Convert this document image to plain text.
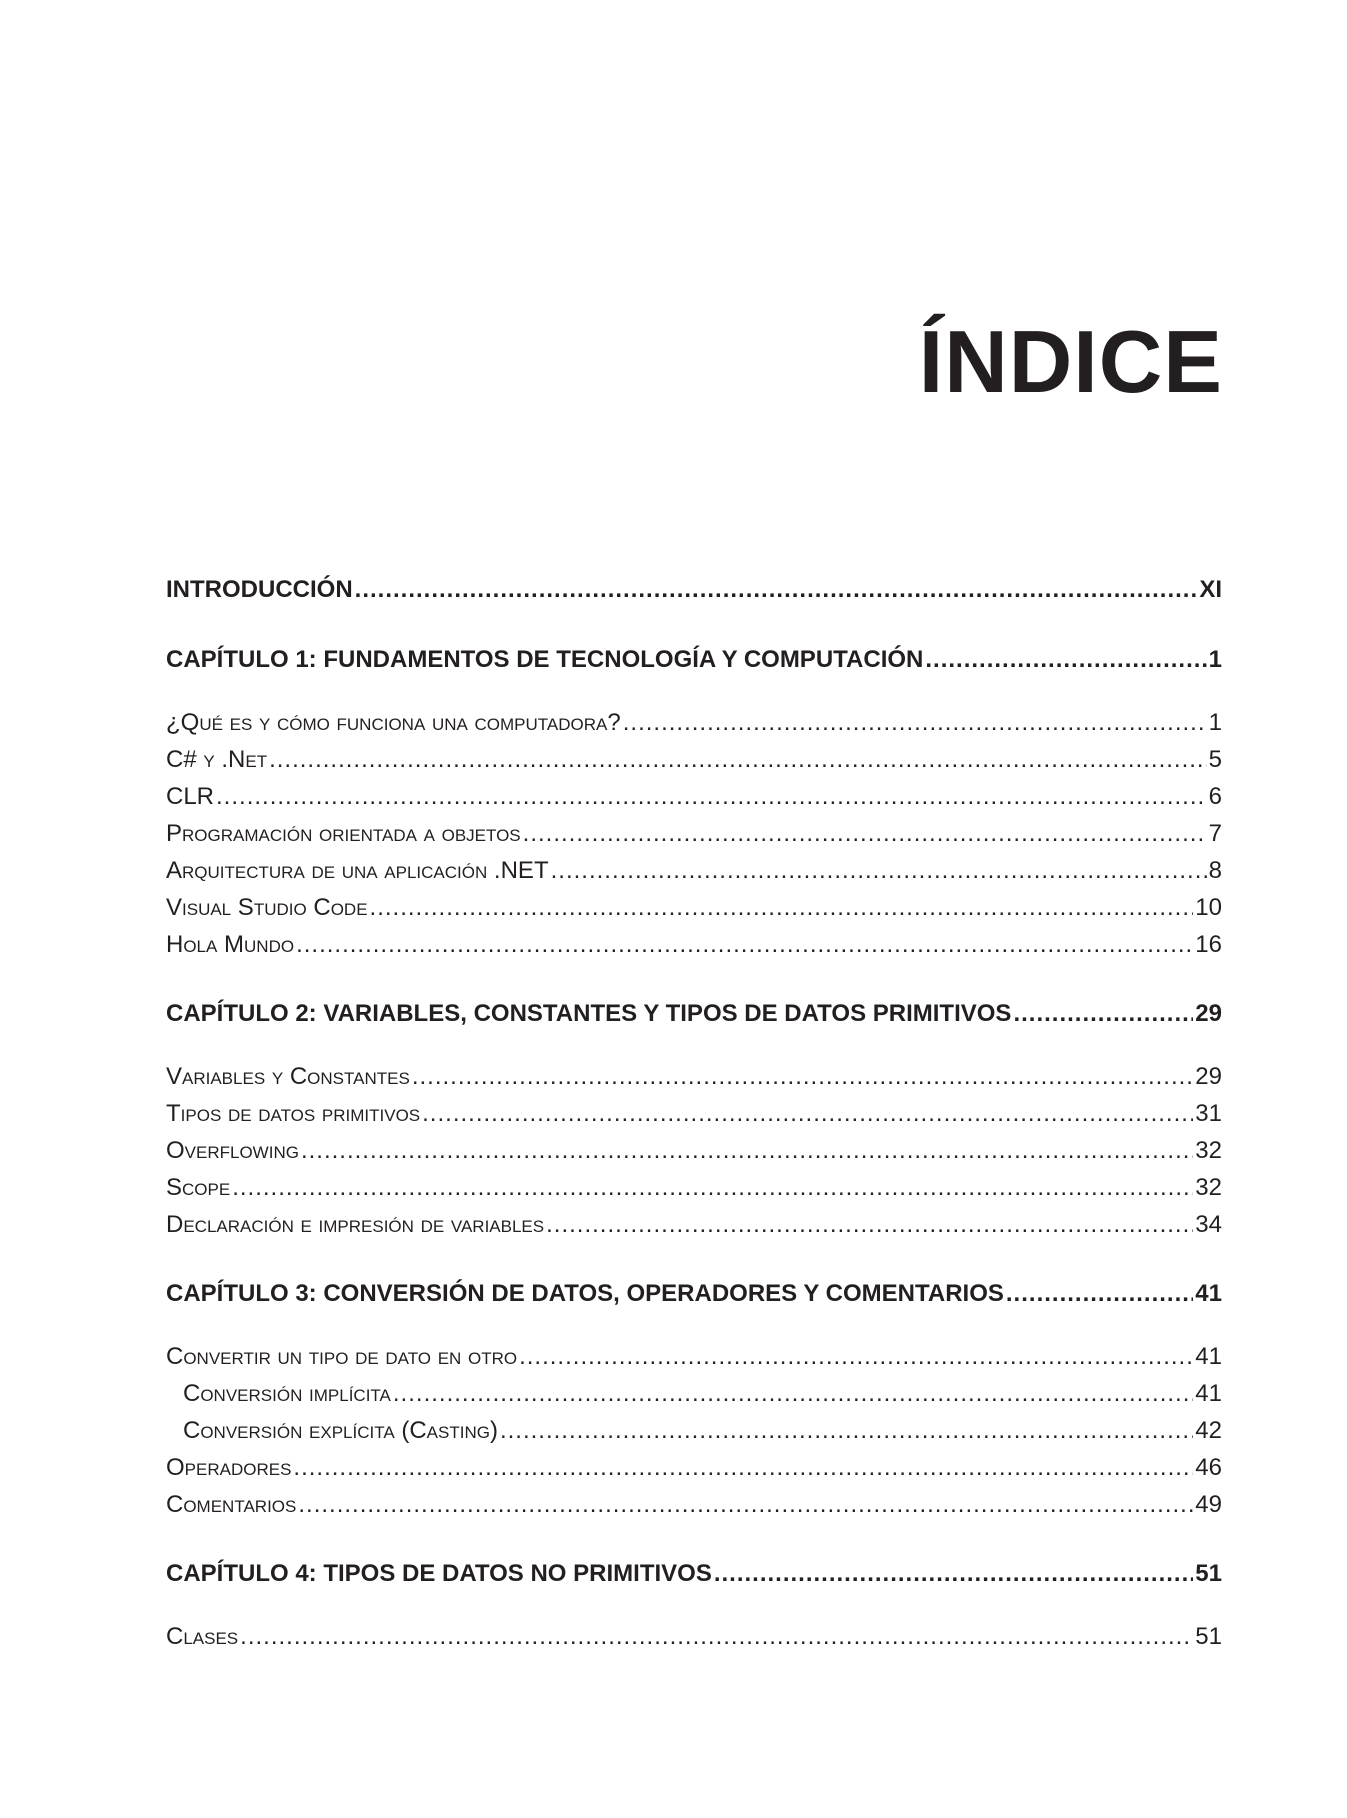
ÍNDICE
INTRODUCCIÓN .....	XI
CAPÍTULO 1: FUNDAMENTOS DE TECNOLOGÍA Y COMPUTACIÓN .....	1
¿Qué es y cómo funciona una computadora? .....	1
C# y .Net .....	5
CLR .....	6
Programación orientada a objetos .....	7
Arquitectura de una aplicación .NET .....	8
Visual Studio Code .....	10
Hola Mundo .....	16
CAPÍTULO 2: VARIABLES, CONSTANTES Y TIPOS DE DATOS PRIMITIVOS .....	29
Variables y Constantes .....	29
Tipos de datos primitivos .....	31
Overflowing .....	32
Scope .....	32
Declaración e impresión de variables .....	34
CAPÍTULO 3: CONVERSIÓN DE DATOS, OPERADORES Y COMENTARIOS .....	41
Convertir un tipo de dato en otro .....	41
Conversión implícita .....	41
Conversión explícita (Casting) .....	42
Operadores .....	46
Comentarios .....	49
CAPÍTULO 4: TIPOS DE DATOS NO PRIMITIVOS .....	51
Clases .....	51
